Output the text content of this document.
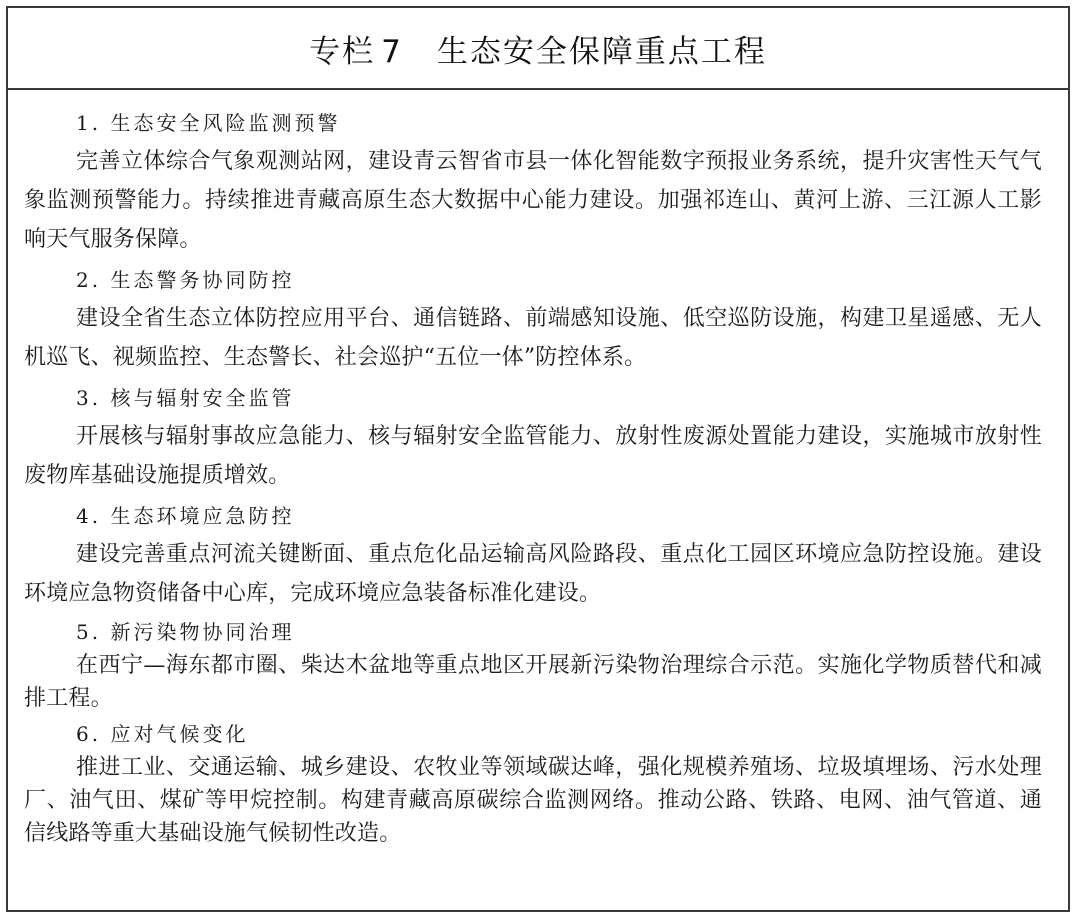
专栏 7 生态安全保障重点工程
1. 生态安全风险监测预警

完善立体综合气象观测站网，建设青云智省市县一体化智能数字预报业务系统，提升灾害性天气气象监测预警能力。持续推进青藏高原生态大数据中心能力建设。加强祁连山、黄河上游、三江源人工影响天气服务保障。

2. 生态警务协同防控

建设全省生态立体防控应用平台、通信链路、前端感知设施、低空巡防设施，构建卫星遥感、无人机巡飞、视频监控、生态警长、社会巡护“五位一体”防控体系。

3. 核与辐射安全监管

开展核与辐射事故应急能力、核与辐射安全监管能力、放射性废源处置能力建设，实施城市放射性废物库基础设施提质增效。

4. 生态环境应急防控

建设完善重点河流关键断面、重点危化品运输高风险路段、重点化工园区环境应急防控设施。建设环境应急物资储备中心库，完成环境应急装备标准化建设。

5. 新污染物协同治理

在西宁—海东都市圈、柴达木盆地等重点地区开展新污染物治理综合示范。实施化学物质替代和减排工程。

6. 应对气候变化

推进工业、交通运输、城乡建设、农牧业等领域碳达峰，强化规模养殖场、垃圾填埋场、污水处理厂、油气田、煤矿等甲烷控制。构建青藏高原碳综合监测网络。推动公路、铁路、电网、油气管道、通信线路等重大基础设施气候韧性改造。
